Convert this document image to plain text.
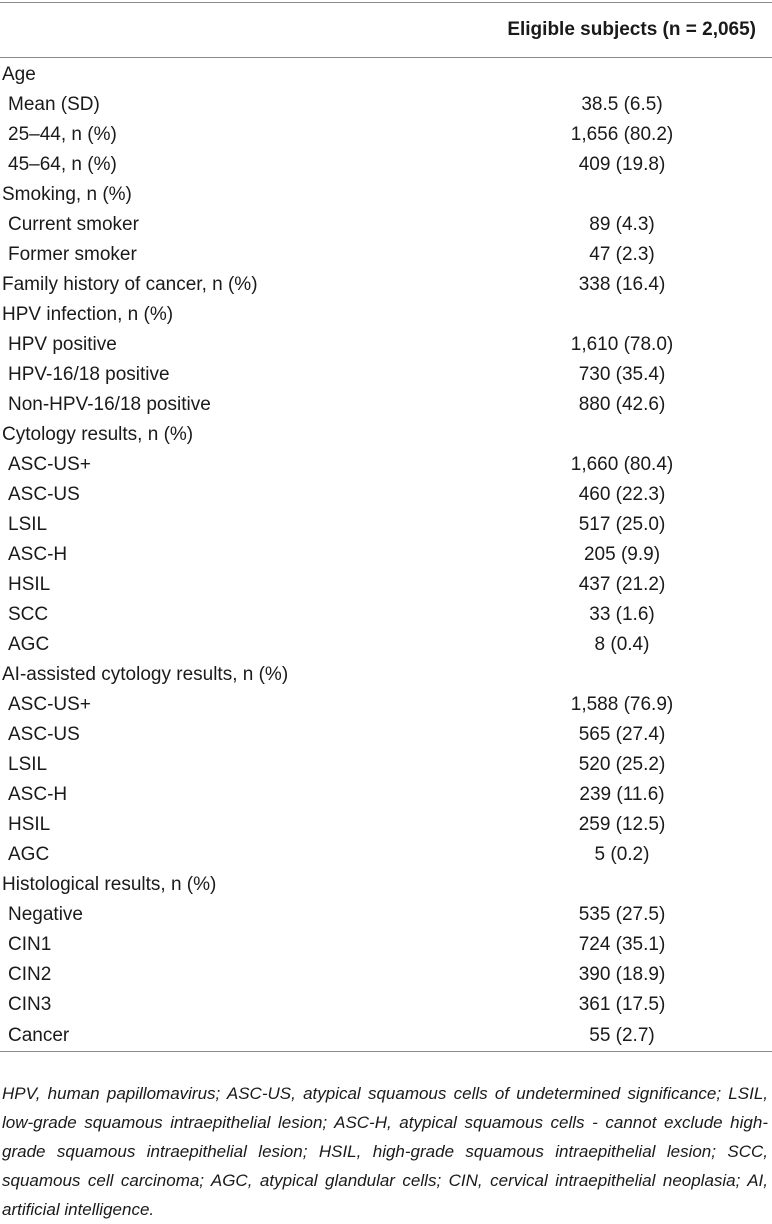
	Eligible subjects (n = 2,065)
Age	
Mean (SD)	38.5 (6.5)
25–44, n (%)	1,656 (80.2)
45–64, n (%)	409 (19.8)
Smoking, n (%)	
Current smoker	89 (4.3)
Former smoker	47 (2.3)
Family history of cancer, n (%)	338 (16.4)
HPV infection, n (%)	
HPV positive	1,610 (78.0)
HPV-16/18 positive	730 (35.4)
Non-HPV-16/18 positive	880 (42.6)
Cytology results, n (%)	
ASC-US+	1,660 (80.4)
ASC-US	460 (22.3)
LSIL	517 (25.0)
ASC-H	205 (9.9)
HSIL	437 (21.2)
SCC	33 (1.6)
AGC	8 (0.4)
AI-assisted cytology results, n (%)	
ASC-US+	1,588 (76.9)
ASC-US	565 (27.4)
LSIL	520 (25.2)
ASC-H	239 (11.6)
HSIL	259 (12.5)
AGC	5 (0.2)
Histological results, n (%)	
Negative	535 (27.5)
CIN1	724 (35.1)
CIN2	390 (18.9)
CIN3	361 (17.5)
Cancer	55 (2.7)
HPV, human papillomavirus; ASC-US, atypical squamous cells of undetermined significance; LSIL, low-grade squamous intraepithelial lesion; ASC-H, atypical squamous cells - cannot exclude high-grade squamous intraepithelial lesion; HSIL, high-grade squamous intraepithelial lesion; SCC, squamous cell carcinoma; AGC, atypical glandular cells; CIN, cervical intraepithelial neoplasia; AI, artificial intelligence.
